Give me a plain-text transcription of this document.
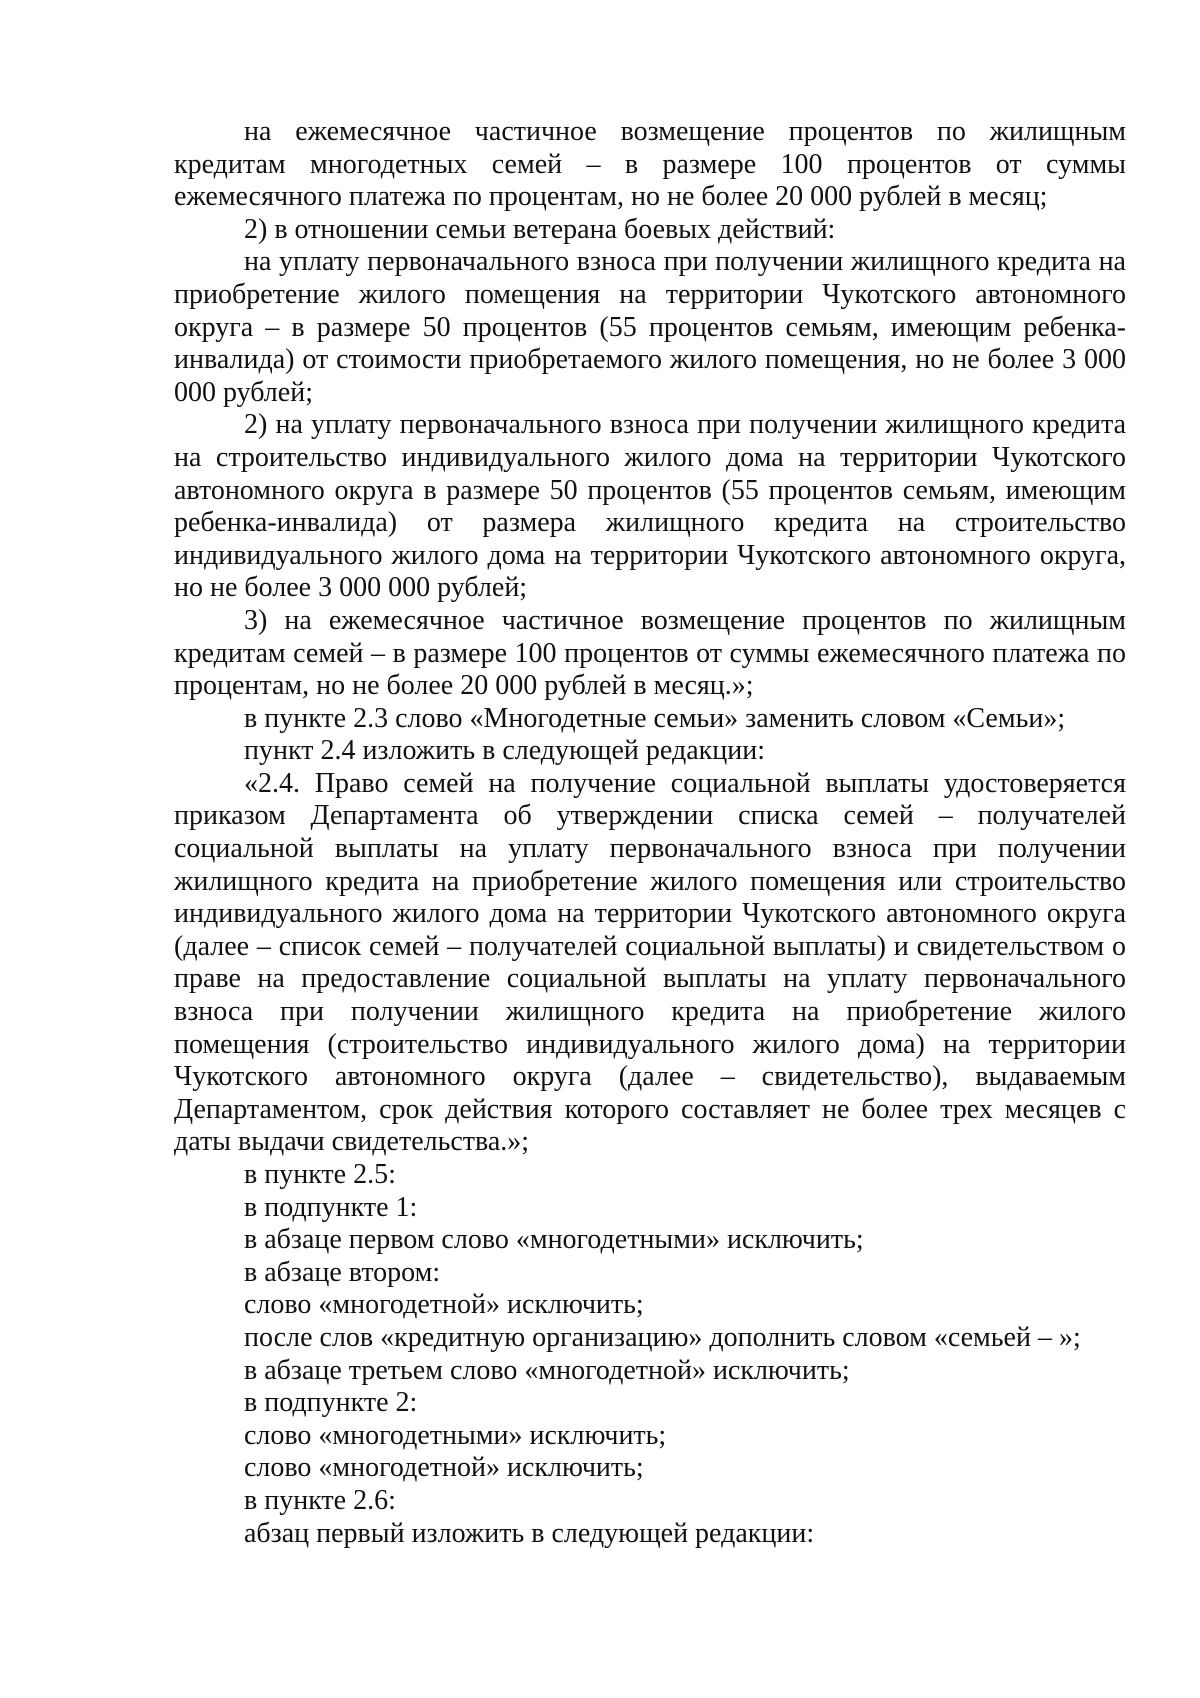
на ежемесячное частичное возмещение процентов по жилищным кредитам многодетных семей – в размере 100 процентов от суммы ежемесячного платежа по процентам, но не более 20 000 рублей в месяц;

2) в отношении семьи ветерана боевых действий:

на уплату первоначального взноса при получении жилищного кредита на приобретение жилого помещения на территории Чукотского автономного округа – в размере 50 процентов (55 процентов семьям, имеющим ребенка-инвалида) от стоимости приобретаемого жилого помещения, но не более 3 000 000 рублей;

2) на уплату первоначального взноса при получении жилищного кредита на строительство индивидуального жилого дома на территории Чукотского автономного округа в размере 50 процентов (55 процентов семьям, имеющим ребенка-инвалида) от размера жилищного кредита на строительство индивидуального жилого дома на территории Чукотского автономного округа, но не более 3 000 000 рублей;

3) на ежемесячное частичное возмещение процентов по жилищным кредитам семей – в размере 100 процентов от суммы ежемесячного платежа по процентам, но не более 20 000 рублей в месяц.»;

в пункте 2.3 слово «Многодетные семьи» заменить словом «Семьи»;

пункт 2.4 изложить в следующей редакции:

«2.4. Право семей на получение социальной выплаты удостоверяется приказом Департамента об утверждении списка семей – получателей социальной выплаты на уплату первоначального взноса при получении жилищного кредита на приобретение жилого помещения или строительство индивидуального жилого дома на территории Чукотского автономного округа (далее – список семей – получателей социальной выплаты) и свидетельством о праве на предоставление социальной выплаты на уплату первоначального взноса при получении жилищного кредита на приобретение жилого помещения (строительство индивидуального жилого дома) на территории Чукотского автономного округа (далее – свидетельство), выдаваемым Департаментом, срок действия которого составляет не более трех месяцев с даты выдачи свидетельства.»;

в пункте 2.5:

в подпункте 1:

в абзаце первом слово «многодетными» исключить;

в абзаце втором:

слово «многодетной» исключить;

после слов «кредитную организацию» дополнить словом «семьей – »;

в абзаце третьем слово «многодетной» исключить;

в подпункте 2:

слово «многодетными» исключить;

слово «многодетной» исключить;

в пункте 2.6:

абзац первый изложить в следующей редакции:
